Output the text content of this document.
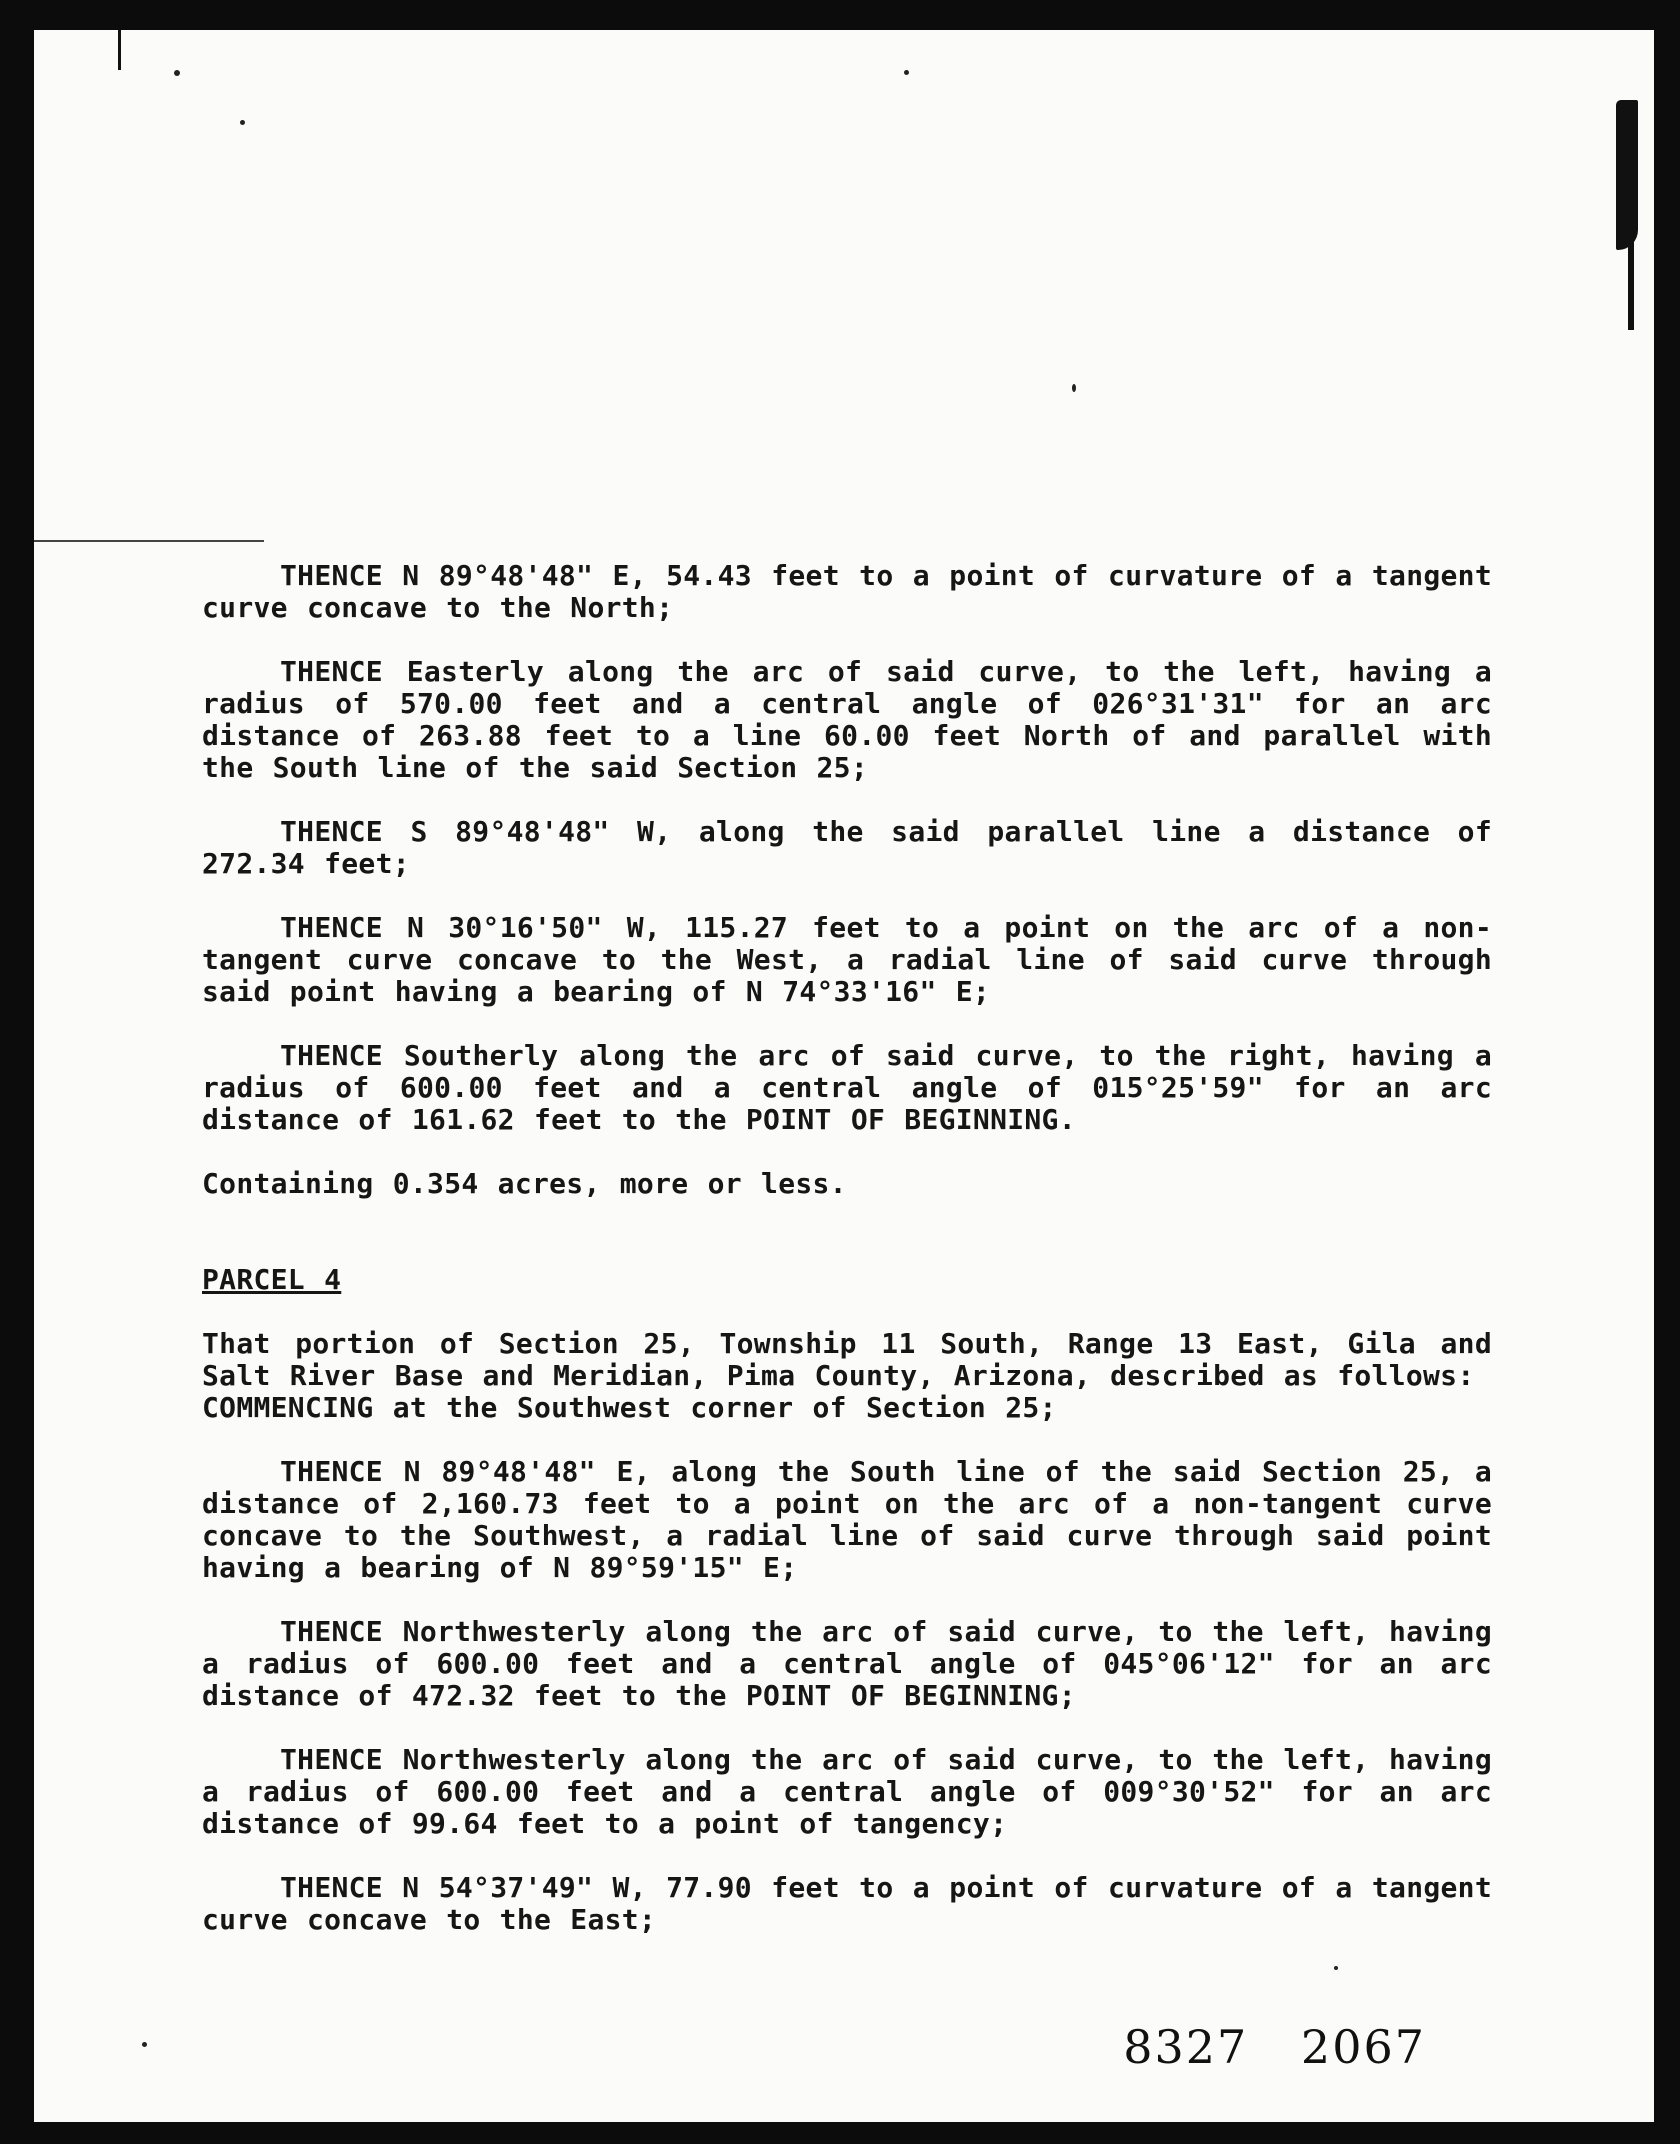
THENCE N 89°48'48" E, 54.43 feet to a point of curvature of a tangent curve concave to the North;

THENCE Easterly along the arc of said curve, to the left, having a radius of 570.00 feet and a central angle of 026°31'31" for an arc distance of 263.88 feet to a line 60.00 feet North of and parallel with the South line of the said Section 25;

THENCE S 89°48'48" W, along the said parallel line a distance of 272.34 feet;

THENCE N 30°16'50" W, 115.27 feet to a point on the arc of a non-tangent curve concave to the West, a radial line of said curve through said point having a bearing of N 74°33'16" E;

THENCE Southerly along the arc of said curve, to the right, having a radius of 600.00 feet and a central angle of 015°25'59" for an arc distance of 161.62 feet to the POINT OF BEGINNING.

Containing 0.354 acres, more or less.

PARCEL 4

That portion of Section 25, Township 11 South, Range 13 East, Gila and Salt River Base and Meridian, Pima County, Arizona, described as follows:

COMMENCING at the Southwest corner of Section 25;

THENCE N 89°48'48" E, along the South line of the said Section 25, a distance of 2,160.73 feet to a point on the arc of a non-tangent curve concave to the Southwest, a radial line of said curve through said point having a bearing of N 89°59'15" E;

THENCE Northwesterly along the arc of said curve, to the left, having a radius of 600.00 feet and a central angle of 045°06'12" for an arc distance of 472.32 feet to the POINT OF BEGINNING;

THENCE Northwesterly along the arc of said curve, to the left, having a radius of 600.00 feet and a central angle of 009°30'52" for an arc distance of 99.64 feet to a point of tangency;

THENCE N 54°37'49" W, 77.90 feet to a point of curvature of a tangent curve concave to the East;

8327 2067
